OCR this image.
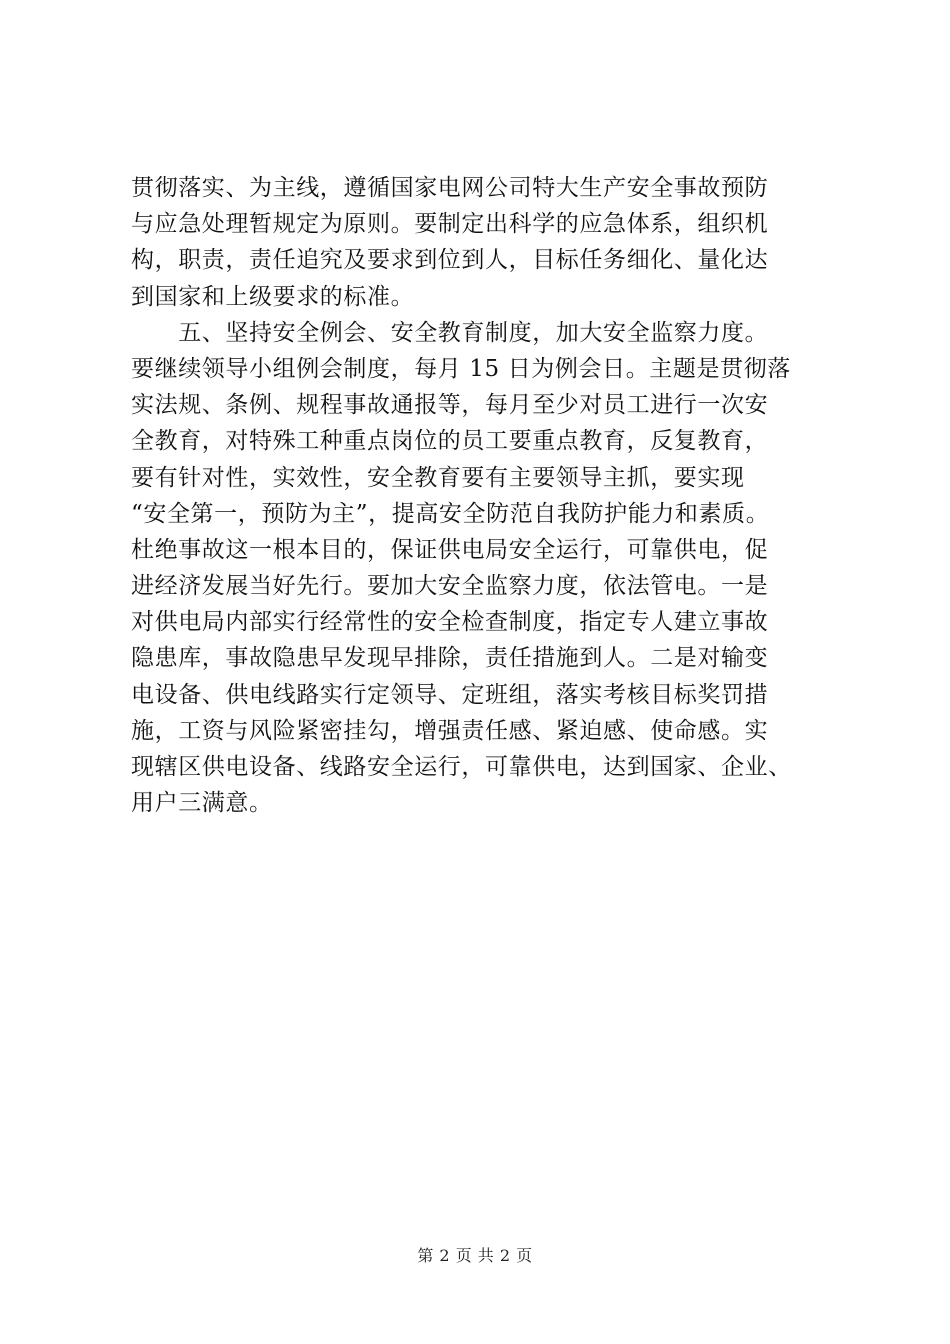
贯彻落实、为主线，遵循国家电网公司特大生产安全事故预防
与应急处理暂规定为原则。要制定出科学的应急体系，组织机
构，职责，责任追究及要求到位到人，目标任务细化、量化达
到国家和上级要求的标准。
　　五、坚持安全例会、安全教育制度，加大安全监察力度。
要继续领导小组例会制度，每月 15 日为例会日。主题是贯彻落
实法规、条例、规程事故通报等，每月至少对员工进行一次安
全教育，对特殊工种重点岗位的员工要重点教育，反复教育，
要有针对性，实效性，安全教育要有主要领导主抓，要实现
“安全第一，预防为主”，提高安全防范自我防护能力和素质。
杜绝事故这一根本目的，保证供电局安全运行，可靠供电，促
进经济发展当好先行。要加大安全监察力度，依法管电。一是
对供电局内部实行经常性的安全检查制度，指定专人建立事故
隐患库，事故隐患早发现早排除，责任措施到人。二是对输变
电设备、供电线路实行定领导、定班组，落实考核目标奖罚措
施，工资与风险紧密挂勾，增强责任感、紧迫感、使命感。实
现辖区供电设备、线路安全运行，可靠供电，达到国家、企业、
用户三满意。
第 2 页 共 2 页
